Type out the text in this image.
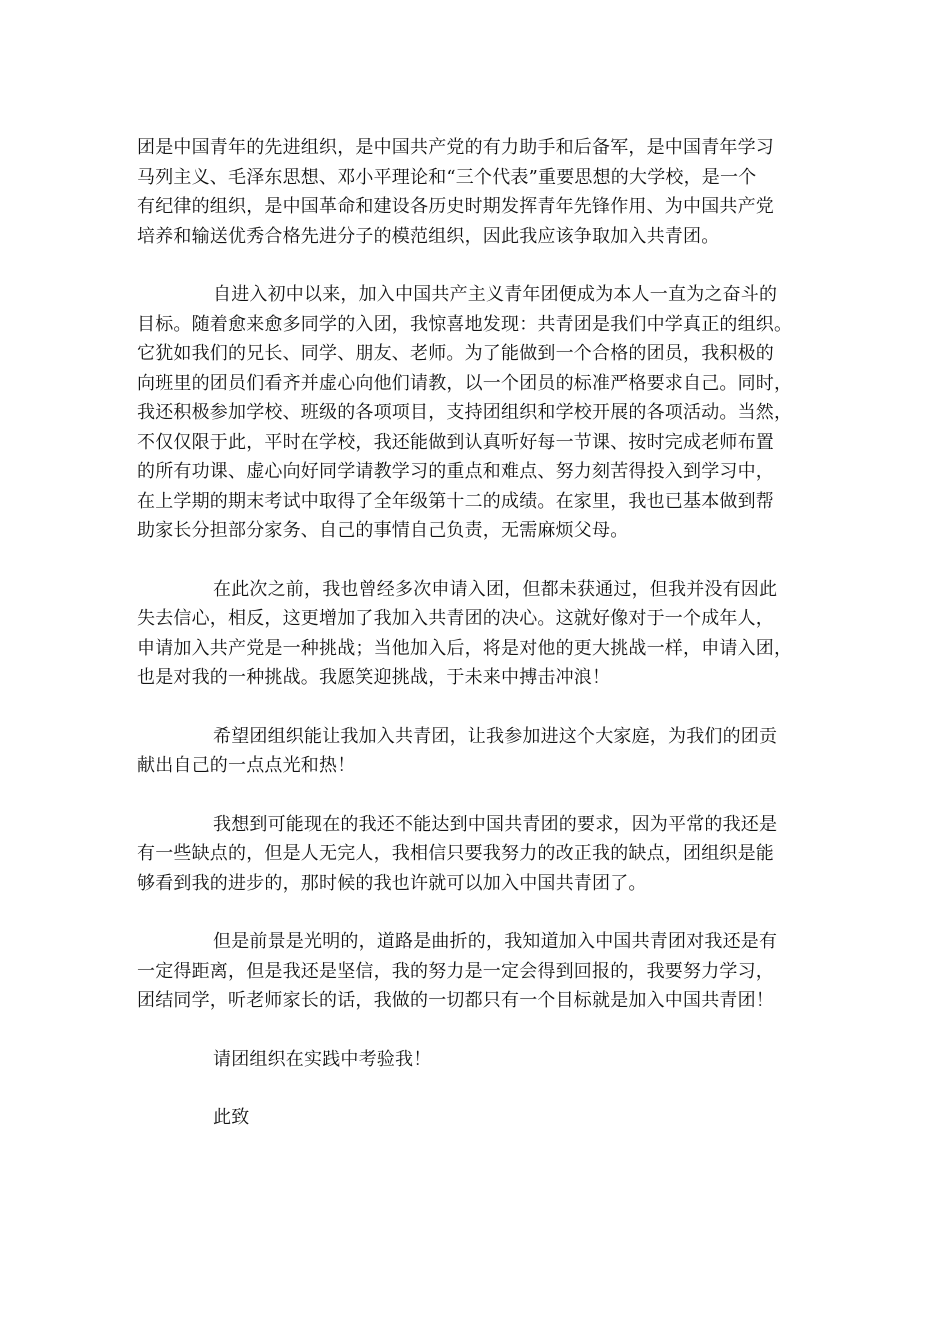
团是中国青年的先进组织，是中国共产党的有力助手和后备军，是中国青年学习
马列主义、毛泽东思想、邓小平理论和“三个代表”重要思想的大学校，是一个
有纪律的组织，是中国革命和建设各历史时期发挥青年先锋作用、为中国共产党
培养和输送优秀合格先进分子的模范组织，因此我应该争取加入共青团。

自进入初中以来，加入中国共产主义青年团便成为本人一直为之奋斗的
目标。随着愈来愈多同学的入团，我惊喜地发现：共青团是我们中学真正的组织。
它犹如我们的兄长、同学、朋友、老师。为了能做到一个合格的团员，我积极的
向班里的团员们看齐并虚心向他们请教，以一个团员的标准严格要求自己。同时，
我还积极参加学校、班级的各项项目，支持团组织和学校开展的各项活动。当然，
不仅仅限于此，平时在学校，我还能做到认真听好每一节课、按时完成老师布置
的所有功课、虚心向好同学请教学习的重点和难点、努力刻苦得投入到学习中，
在上学期的期末考试中取得了全年级第十二的成绩。在家里，我也已基本做到帮
助家长分担部分家务、自己的事情自己负责，无需麻烦父母。

在此次之前，我也曾经多次申请入团，但都未获通过，但我并没有因此
失去信心，相反，这更增加了我加入共青团的决心。这就好像对于一个成年人，
申请加入共产党是一种挑战；当他加入后，将是对他的更大挑战一样，申请入团，
也是对我的一种挑战。我愿笑迎挑战，于未来中搏击冲浪！

希望团组织能让我加入共青团，让我参加进这个大家庭，为我们的团贡
献出自己的一点点光和热！

我想到可能现在的我还不能达到中国共青团的要求，因为平常的我还是
有一些缺点的，但是人无完人，我相信只要我努力的改正我的缺点，团组织是能
够看到我的进步的，那时候的我也许就可以加入中国共青团了。

但是前景是光明的，道路是曲折的，我知道加入中国共青团对我还是有
一定得距离，但是我还是坚信，我的努力是一定会得到回报的，我要努力学习，
团结同学，听老师家长的话，我做的一切都只有一个目标就是加入中国共青团！

请团组织在实践中考验我！

此致
